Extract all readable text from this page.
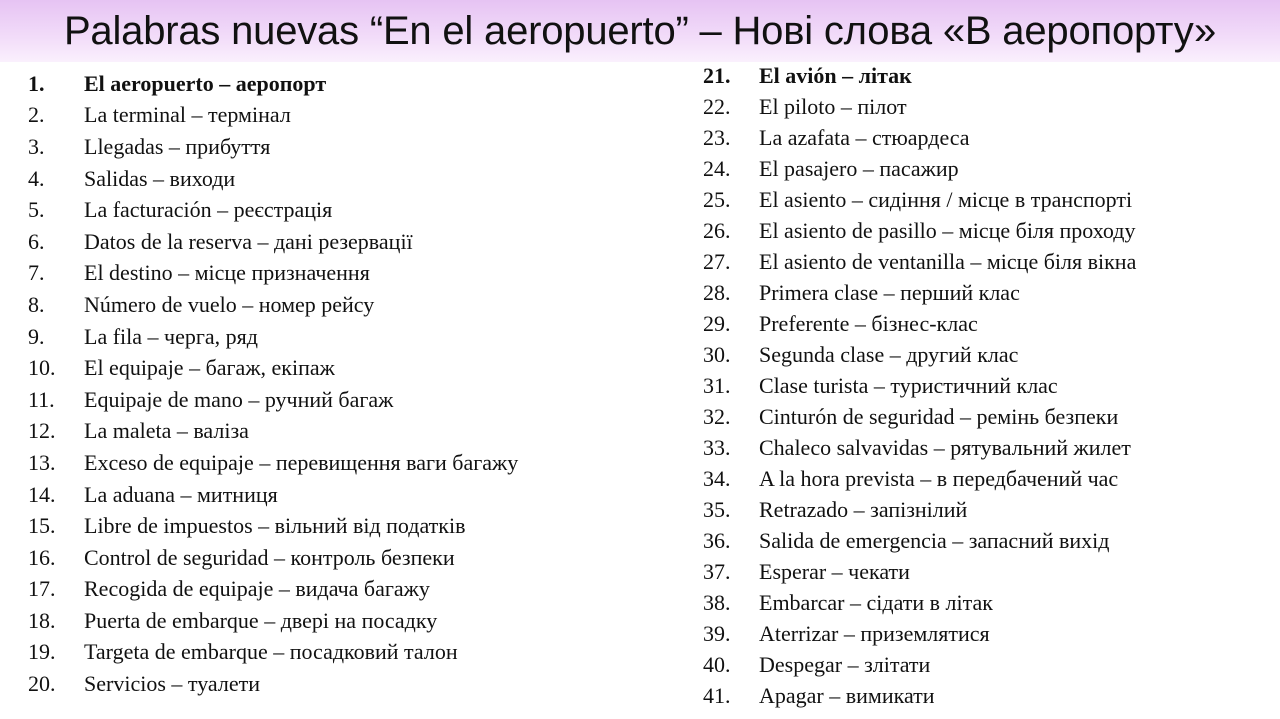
Palabras nuevas “En el aeropuerto” – Нові слова «В аеропорту»
1.	El aeropuerto – аеропорт
2.	La terminal – термінал
3.	Llegadas – прибуття
4.	Salidas – виходи
5.	La facturación – реєстрація
6.	Datos de la reserva – дані резервації
7.	El destino – місце призначення
8.	Número de vuelo – номер рейсу
9.	La fila – черга, ряд
10.	El equipaje – багаж, екіпаж
11.	Equipaje de mano – ручний багаж
12.	La maleta – валіза
13.	Exceso de equipaje – перевищення ваги багажу
14.	La aduana – митниця
15.	Libre de impuestos – вільний від податків
16.	Control de seguridad – контроль безпеки
17.	Recogida de equipaje – видача багажу
18.	Puerta de embarque – двері на посадку
19.	Targeta de embarque – посадковий талон
20.	Servicios – туалети
21.	El avión – літак
22.	El piloto – пілот
23.	La azafata – стюардеса
24.	El pasajero – пасажир
25.	El asiento – сидіння / місце в транспорті
26.	El asiento de pasillo – місце біля проходу
27.	El asiento de ventanilla – місце біля вікна
28.	Primera clase – перший клас
29.	Preferente – бізнес-клас
30.	Segunda clase – другий клас
31.	Clase turista – туристичний клас
32.	Cinturón de seguridad – ремінь безпеки
33.	Chaleco salvavidas – рятувальний жилет
34.	A la hora prevista – в передбачений час
35.	Retrazado – запізнілий
36.	Salida de emergencia – запасний вихід
37.	Esperar – чекати
38.	Embarcar – сідати в літак
39.	Aterrizar – приземлятися
40.	Despegar – злітати
41.	Apagar – вимикати
